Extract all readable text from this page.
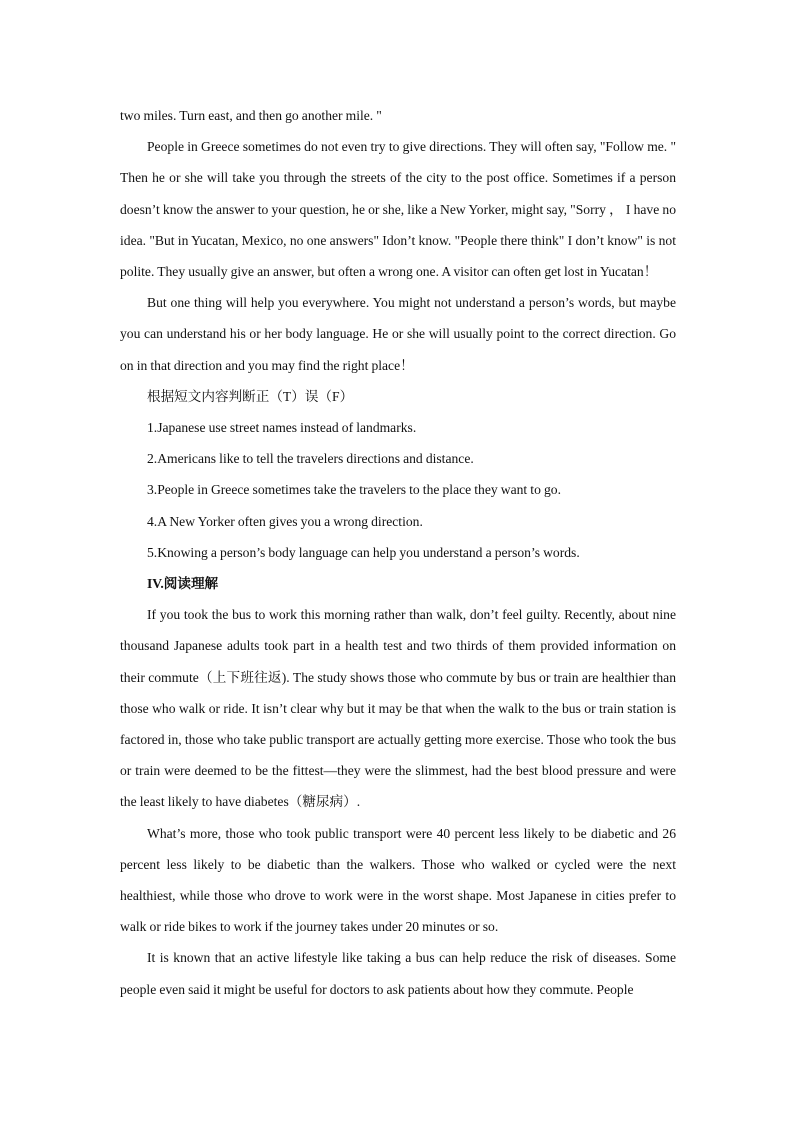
two miles. Turn east, and then go another mile. "

People in Greece sometimes do not even try to give directions. They will often say, "Follow me. " Then he or she will take you through the streets of the city to the post office. Sometimes if a person doesn’t know the answer to your question, he or she, like a New Yorker, might say, "Sorry ， I have no idea. "But in Yucatan, Mexico, no one answers" Idon’t know. "People there think" I don’t know" is not polite. They usually give an answer, but often a wrong one. A visitor can often get lost in Yucatan！

But one thing will help you everywhere. You might not understand a person’s words, but maybe you can understand his or her body language. He or she will usually point to the correct direction. Go on in that direction and you may find the right place！

根据短文内容判断正（T）误（F）

1.Japanese use street names instead of landmarks.

2.Americans like to tell the travelers directions and distance.

3.People in Greece sometimes take the travelers to the place they want to go.

4.A New Yorker often gives you a wrong direction.

5.Knowing a person’s body language can help you understand a person’s words.

IV.阅读理解

If you took the bus to work this morning rather than walk, don’t feel guilty. Recently, about nine thousand Japanese adults took part in a health test and two thirds of them provided information on their commute（上下班往返). The study shows those who commute by bus or train are healthier than those who walk or ride. It isn’t clear why but it may be that when the walk to the bus or train station is factored in, those who take public transport are actually getting more exercise. Those who took the bus or train were deemed to be the fittest—they were the slimmest, had the best blood pressure and were the least likely to have diabetes（糖尿病）.

What’s more, those who took public transport were 40 percent less likely to be diabetic and 26 percent less likely to be diabetic than the walkers. Those who walked or cycled were the next healthiest, while those who drove to work were in the worst shape. Most Japanese in cities prefer to walk or ride bikes to work if the journey takes under 20 minutes or so.

It is known that an active lifestyle like taking a bus can help reduce the risk of diseases. Some people even said it might be useful for doctors to ask patients about how they commute. People
